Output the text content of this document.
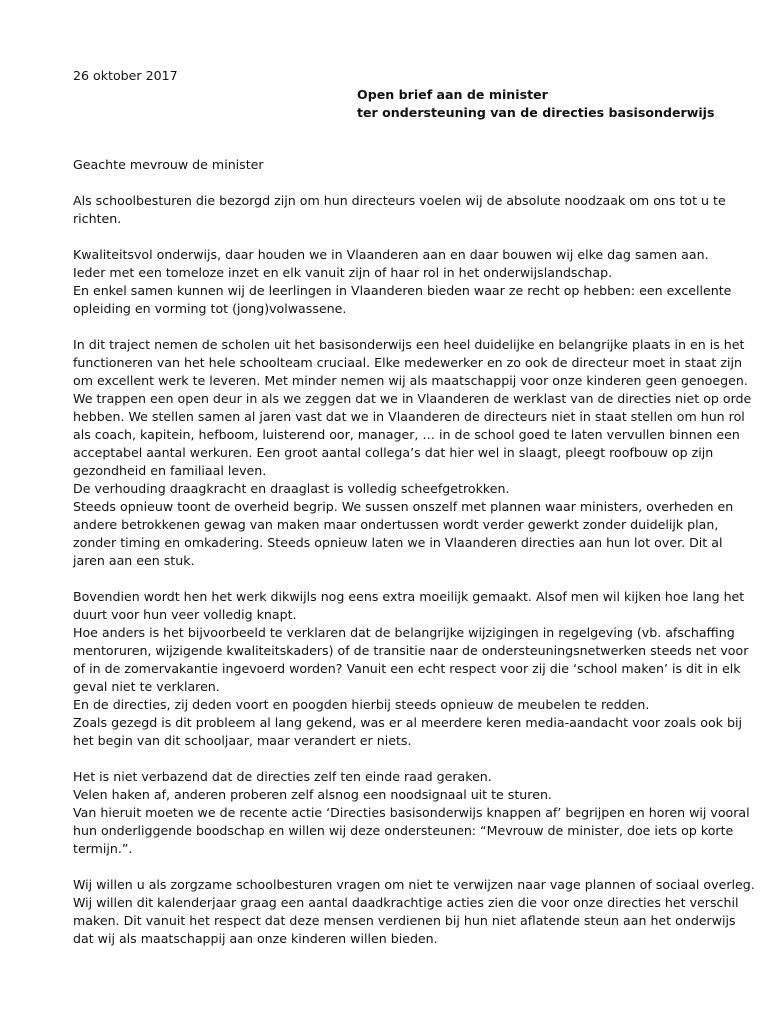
26 oktober 2017
Open brief aan de minister
ter ondersteuning van de directies basisonderwijs

Geachte mevrouw de minister

Als schoolbesturen die bezorgd zijn om hun directeurs voelen wij de absolute noodzaak om ons tot u te
richten.
Kwaliteitsvol onderwijs, daar houden we in Vlaanderen aan en daar bouwen wij elke dag samen aan.
Ieder met een tomeloze inzet en elk vanuit zijn of haar rol in het onderwijslandschap.
En enkel samen kunnen wij de leerlingen in Vlaanderen bieden waar ze recht op hebben: een excellente
opleiding en vorming tot (jong)volwassene.
In dit traject nemen de scholen uit het basisonderwijs een heel duidelijke en belangrijke plaats in en is het
functioneren van het hele schoolteam cruciaal. Elke medewerker en zo ook de directeur moet in staat zijn
om excellent werk te leveren. Met minder nemen wij als maatschappij voor onze kinderen geen genoegen.
We trappen een open deur in als we zeggen dat we in Vlaanderen de werklast van de directies niet op orde
hebben. We stellen samen al jaren vast dat we in Vlaanderen de directeurs niet in staat stellen om hun rol
als coach, kapitein, hefboom, luisterend oor, manager, … in de school goed te laten vervullen binnen een
acceptabel aantal werkuren. Een groot aantal collega’s dat hier wel in slaagt, pleegt roofbouw op zijn
gezondheid en familiaal leven.
De verhouding draagkracht en draaglast is volledig scheefgetrokken.
Steeds opnieuw toont de overheid begrip. We sussen onszelf met plannen waar ministers, overheden en
andere betrokkenen gewag van maken maar ondertussen wordt verder gewerkt zonder duidelijk plan,
zonder timing en omkadering. Steeds opnieuw laten we in Vlaanderen directies aan hun lot over. Dit al
jaren aan een stuk.
Bovendien wordt hen het werk dikwijls nog eens extra moeilijk gemaakt. Alsof men wil kijken hoe lang het
duurt voor hun veer volledig knapt.
Hoe anders is het bijvoorbeeld te verklaren dat de belangrijke wijzigingen in regelgeving (vb. afschaffing
mentoruren, wijzigende kwaliteitskaders) of de transitie naar de ondersteuningsnetwerken steeds net voor
of in de zomervakantie ingevoerd worden? Vanuit een echt respect voor zij die ‘school maken’ is dit in elk
geval niet te verklaren.
En de directies, zij deden voort en poogden hierbij steeds opnieuw de meubelen te redden.
Zoals gezegd is dit probleem al lang gekend, was er al meerdere keren media-aandacht voor zoals ook bij
het begin van dit schooljaar, maar verandert er niets.
Het is niet verbazend dat de directies zelf ten einde raad geraken.
Velen haken af, anderen proberen zelf alsnog een noodsignaal uit te sturen.
Van hieruit moeten we de recente actie ‘Directies basisonderwijs knappen af’ begrijpen en horen wij vooral
hun onderliggende boodschap en willen wij deze ondersteunen: “Mevrouw de minister, doe iets op korte
termijn.”.
Wij willen u als zorgzame schoolbesturen vragen om niet te verwijzen naar vage plannen of sociaal overleg.
Wij willen dit kalenderjaar graag een aantal daadkrachtige acties zien die voor onze directies het verschil
maken. Dit vanuit het respect dat deze mensen verdienen bij hun niet aflatende steun aan het onderwijs
dat wij als maatschappij aan onze kinderen willen bieden.
